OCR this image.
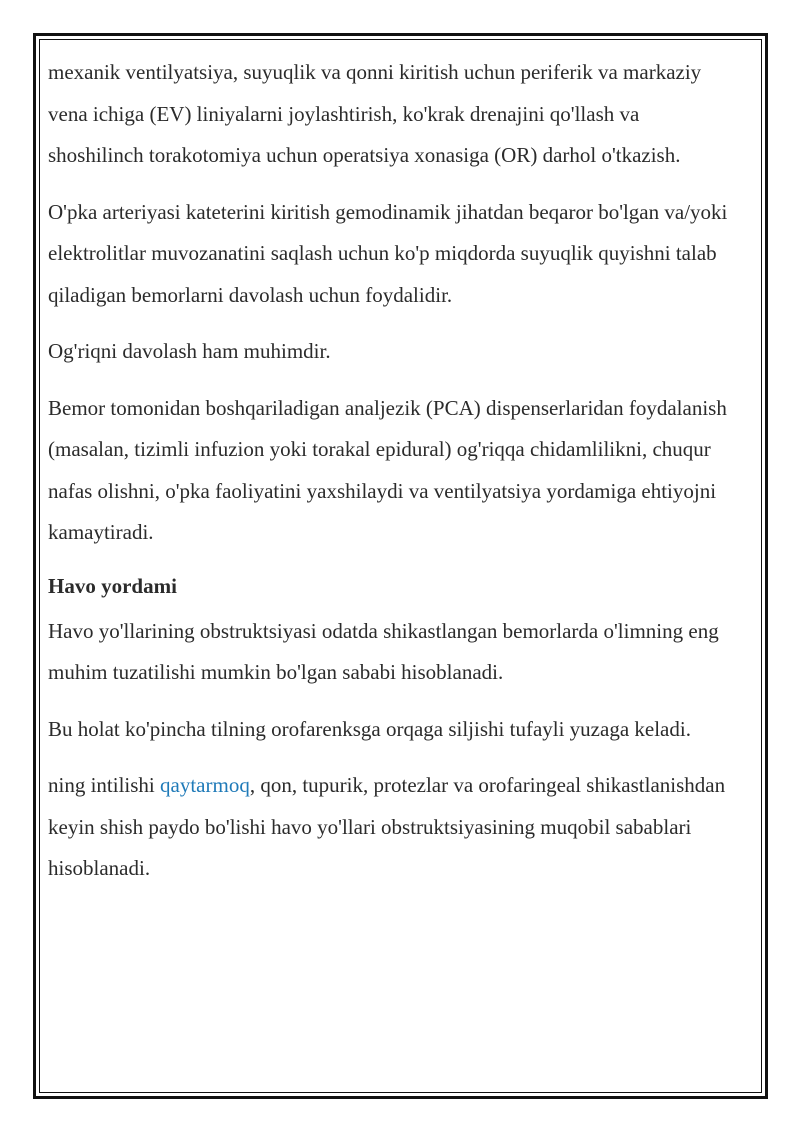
mexanik ventilyatsiya, suyuqlik va qonni kiritish uchun periferik va markaziy vena ichiga (EV) liniyalarni joylashtirish, ko'krak drenajini qo'llash va shoshilinch torakotomiya uchun operatsiya xonasiga (OR) darhol o'tkazish.

O'pka arteriyasi kateterini kiritish gemodinamik jihatdan beqaror bo'lgan va/yoki elektrolitlar muvozanatini saqlash uchun ko'p miqdorda suyuqlik quyishni talab qiladigan bemorlarni davolash uchun foydalidir.

Og'riqni davolash ham muhimdir.

Bemor tomonidan boshqariladigan analjezik (PCA) dispenserlaridan foydalanish (masalan, tizimli infuzion yoki torakal epidural) og'riqqa chidamlilikni, chuqur nafas olishni, o'pka faoliyatini yaxshilaydi va ventilyatsiya yordamiga ehtiyojni kamaytiradi.

Havo yordami

Havo yo'llarining obstruktsiyasi odatda shikastlangan bemorlarda o'limning eng muhim tuzatilishi mumkin bo'lgan sababi hisoblanadi.

Bu holat ko'pincha tilning orofarenksga orqaga siljishi tufayli yuzaga keladi.

ning intilishi qaytarmoq, qon, tupurik, protezlar va orofaringeal shikastlanishdan keyin shish paydo bo'lishi havo yo'llari obstruktsiyasining muqobil sabablari hisoblanadi.
